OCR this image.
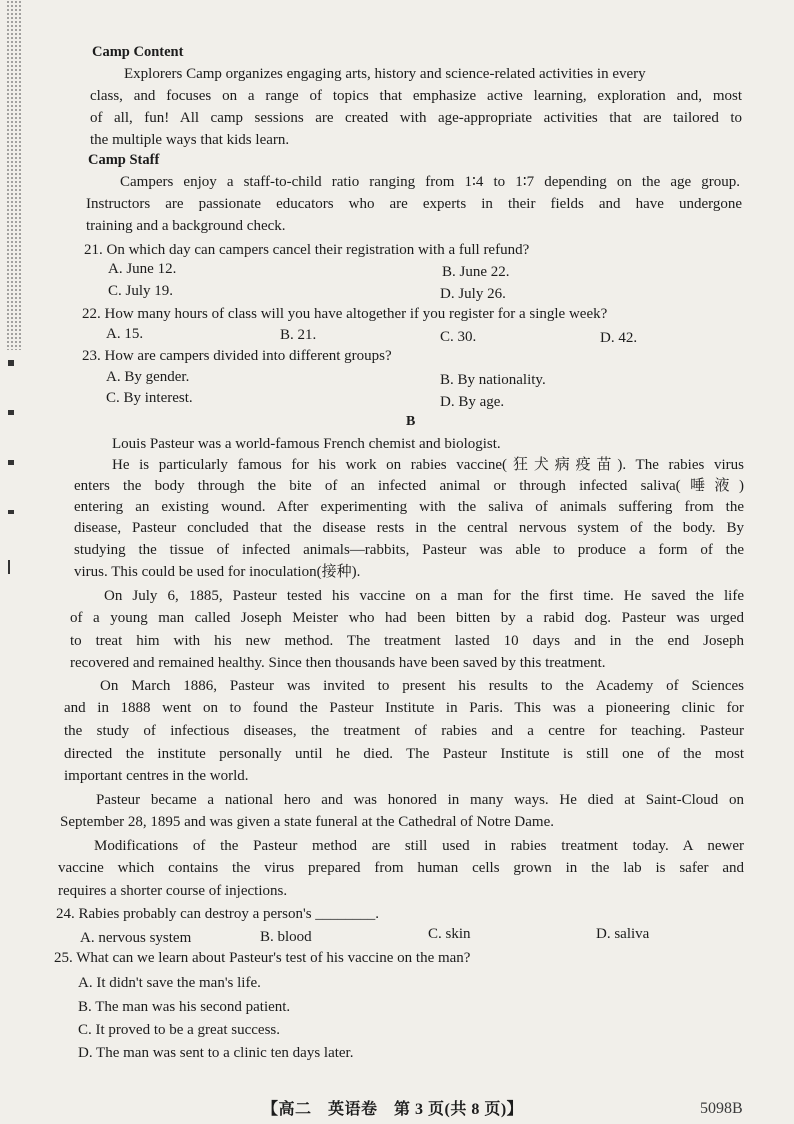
Camp Content
Explorers Camp organizes engaging arts, history and science-related activities in every
class, and focuses on a range of topics that emphasize active learning, exploration and, most
of all, fun! All camp sessions are created with age-appropriate activities that are tailored to
the multiple ways that kids learn.
Camp Staff
Campers enjoy a staff-to-child ratio ranging from 1∶4 to 1∶7 depending on the age group.
Instructors are passionate educators who are experts in their fields and have undergone
training and a background check.
21. On which day can campers cancel their registration with a full refund?
A. June 12.	B. June 22.
C. July 19.	D. July 26.
22. How many hours of class will you have altogether if you register for a single week?
A. 15.	B. 21.	C. 30.	D. 42.
23. How are campers divided into different groups?
A. By gender.	B. By nationality.
C. By interest.	D. By age.
B
Louis Pasteur was a world-famous French chemist and biologist.
He is particularly famous for his work on rabies vaccine(狂犬病疫苗). The rabies virus
enters the body through the bite of an infected animal or through infected saliva(唾液)
entering an existing wound. After experimenting with the saliva of animals suffering from the
disease, Pasteur concluded that the disease rests in the central nervous system of the body. By
studying the tissue of infected animals—rabbits, Pasteur was able to produce a form of the
virus. This could be used for inoculation(接种).
On July 6, 1885, Pasteur tested his vaccine on a man for the first time. He saved the life
of a young man called Joseph Meister who had been bitten by a rabid dog. Pasteur was urged
to treat him with his new method. The treatment lasted 10 days and in the end Joseph
recovered and remained healthy. Since then thousands have been saved by this treatment.
On March 1886, Pasteur was invited to present his results to the Academy of Sciences
and in 1888 went on to found the Pasteur Institute in Paris. This was a pioneering clinic for
the study of infectious diseases, the treatment of rabies and a centre for teaching. Pasteur
directed the institute personally until he died. The Pasteur Institute is still one of the most
important centres in the world.
Pasteur became a national hero and was honored in many ways. He died at Saint-Cloud on
September 28, 1895 and was given a state funeral at the Cathedral of Notre Dame.
Modifications of the Pasteur method are still used in rabies treatment today. A newer
vaccine which contains the virus prepared from human cells grown in the lab is safer and
requires a shorter course of injections.
24. Rabies probably can destroy a person's ________.
A. nervous system	B. blood	C. skin	D. saliva
25. What can we learn about Pasteur's test of his vaccine on the man?
A. It didn't save the man's life.
B. The man was his second patient.
C. It proved to be a great success.
D. The man was sent to a clinic ten days later.
【高二　英语卷　第 3 页(共 8 页)】	5098B
